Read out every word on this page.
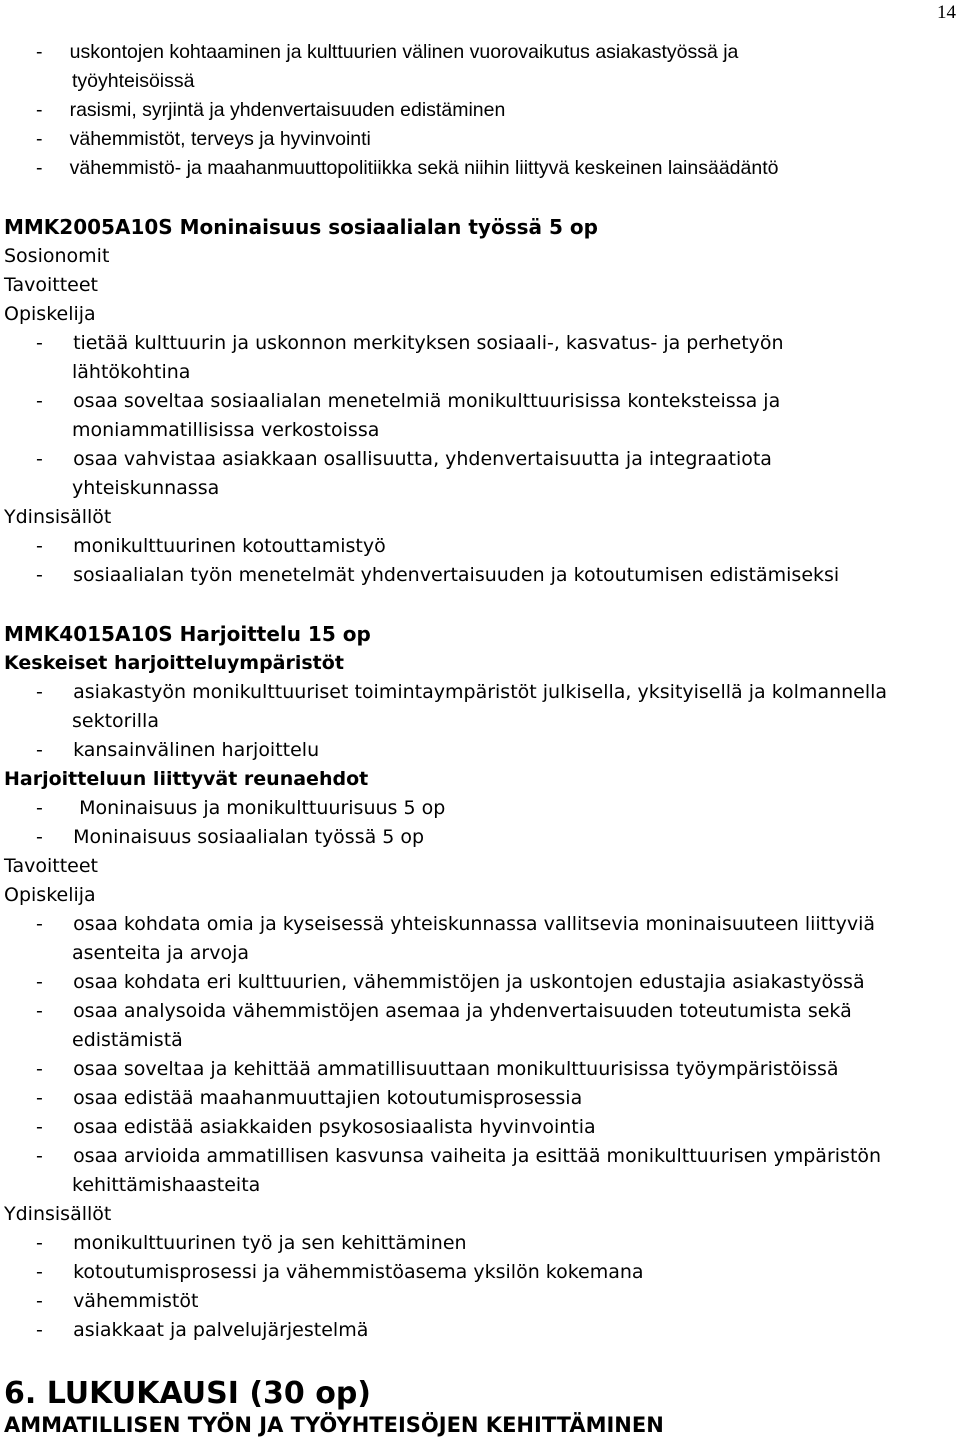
14
- uskontojen kohtaaminen ja kulttuurien välinen vuorovaikutus asiakastyössä ja
työyhteisöissä
- rasismi, syrjintä ja yhdenvertaisuuden edistäminen
- vähemmistöt, terveys ja hyvinvointi
- vähemmistö- ja maahanmuuttopolitiikka sekä niihin liittyvä keskeinen lainsäädäntö
MMK2005A10S Moninaisuus sosiaalialan työssä 5 op
Sosionomit
Tavoitteet
Opiskelija
- tietää kulttuurin ja uskonnon merkityksen sosiaali-, kasvatus- ja perhetyön
lähtökohtina
- osaa soveltaa sosiaalialan menetelmiä monikulttuurisissa konteksteissa ja
moniammatillisissa verkostoissa
- osaa vahvistaa asiakkaan osallisuutta, yhdenvertaisuutta ja integraatiota
yhteiskunnassa
Ydinsisällöt
- monikulttuurinen kotouttamistyö
- sosiaalialan työn menetelmät yhdenvertaisuuden ja kotoutumisen edistämiseksi
MMK4015A10S Harjoittelu 15 op
Keskeiset harjoitteluympäristöt
- asiakastyön monikulttuuriset toimintaympäristöt julkisella, yksityisellä ja kolmannella
sektorilla
- kansainvälinen harjoittelu
Harjoitteluun liittyvät reunaehdot
-      Moninaisuus ja monikulttuurisuus 5 op
- Moninaisuus sosiaalialan työssä 5 op
Tavoitteet
Opiskelija
- osaa kohdata omia ja kyseisessä yhteiskunnassa vallitsevia moninaisuuteen liittyviä
asenteita ja arvoja
- osaa kohdata eri kulttuurien, vähemmistöjen ja uskontojen edustajia asiakastyössä
- osaa analysoida vähemmistöjen asemaa ja yhdenvertaisuuden toteutumista sekä
edistämistä
- osaa soveltaa ja kehittää ammatillisuuttaan monikulttuurisissa työympäristöissä
- osaa edistää maahanmuuttajien kotoutumisprosessia
- osaa edistää asiakkaiden psykososiaalista hyvinvointia
- osaa arvioida ammatillisen kasvunsa vaiheita ja esittää monikulttuurisen ympäristön
kehittämishaasteita
Ydinsisällöt
- monikulttuurinen työ ja sen kehittäminen
- kotoutumisprosessi ja vähemmistöasema yksilön kokemana
- vähemmistöt
- asiakkaat ja palvelujärjestelmä
6. LUKUKAUSI (30 op)
AMMATILLISEN TYÖN JA TYÖYHTEISÖJEN KEHITTÄMINEN
